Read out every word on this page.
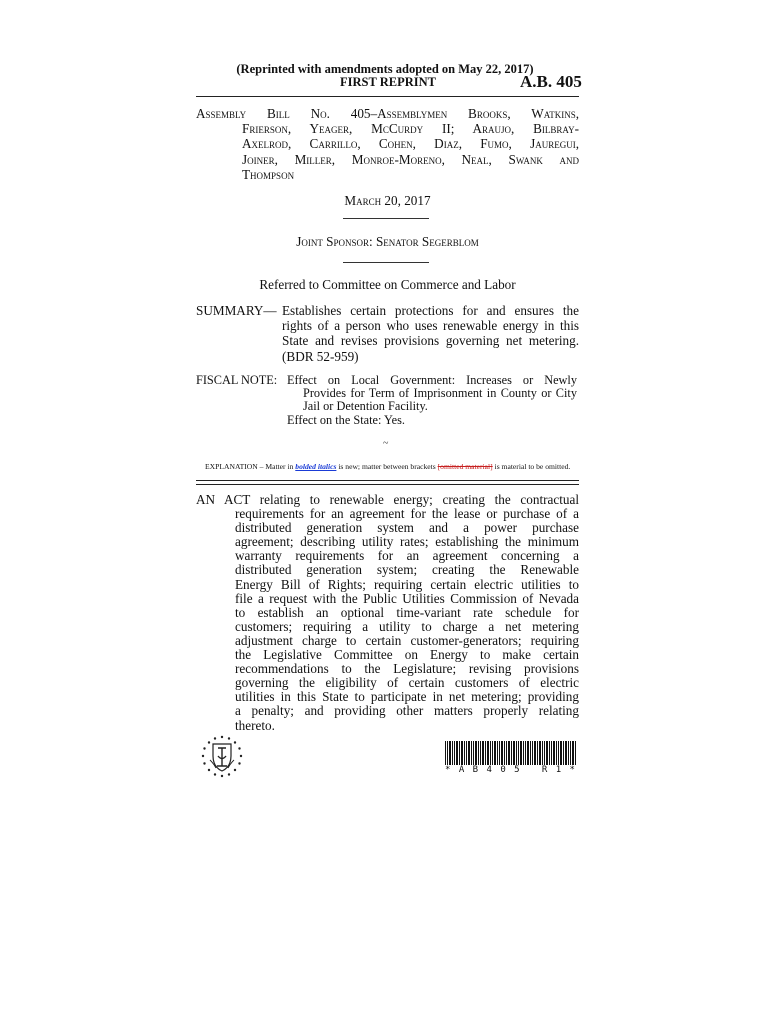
(Reprinted with amendments adopted on May 22, 2017)
FIRST REPRINT	A.B. 405
Assembly Bill No. 405–Assemblymen Brooks, Watkins,
Frierson, Yeager, McCurdy II; Araujo, Bilbray-
Axelrod, Carrillo, Cohen, Diaz, Fumo, Jauregui,
Joiner, Miller, Monroe-Moreno, Neal, Swank and
Thompson
March 20, 2017
Joint Sponsor: Senator Segerblom
Referred to Committee on Commerce and Labor
SUMMARY— Establishes certain protections for and ensures the
rights of a person who uses renewable energy in this
State and revises provisions governing net metering.
(BDR 52-959)
FISCAL NOTE: Effect on Local Government: Increases or Newly
Provides for Term of Imprisonment in County or City
Jail or Detention Facility.
Effect on the State: Yes.
~
EXPLANATION – Matter in bolded italics is new; matter between brackets [omitted material] is material to be omitted.
AN ACT relating to renewable energy; creating the contractual
requirements for an agreement for the lease or purchase of a
distributed generation system and a power purchase
agreement; describing utility rates; establishing the minimum
warranty requirements for an agreement concerning a
distributed generation system; creating the Renewable
Energy Bill of Rights; requiring certain electric utilities to
file a request with the Public Utilities Commission of Nevada
to establish an optional time-variant rate schedule for
customers; requiring a utility to charge a net metering
adjustment charge to certain customer-generators; requiring
the Legislative Committee on Energy to make certain
recommendations to the Legislature; revising provisions
governing the eligibility of certain customers of electric
utilities in this State to participate in net metering; providing
a penalty; and providing other matters properly relating
thereto.
* A B 4 0 5   R 1 *
